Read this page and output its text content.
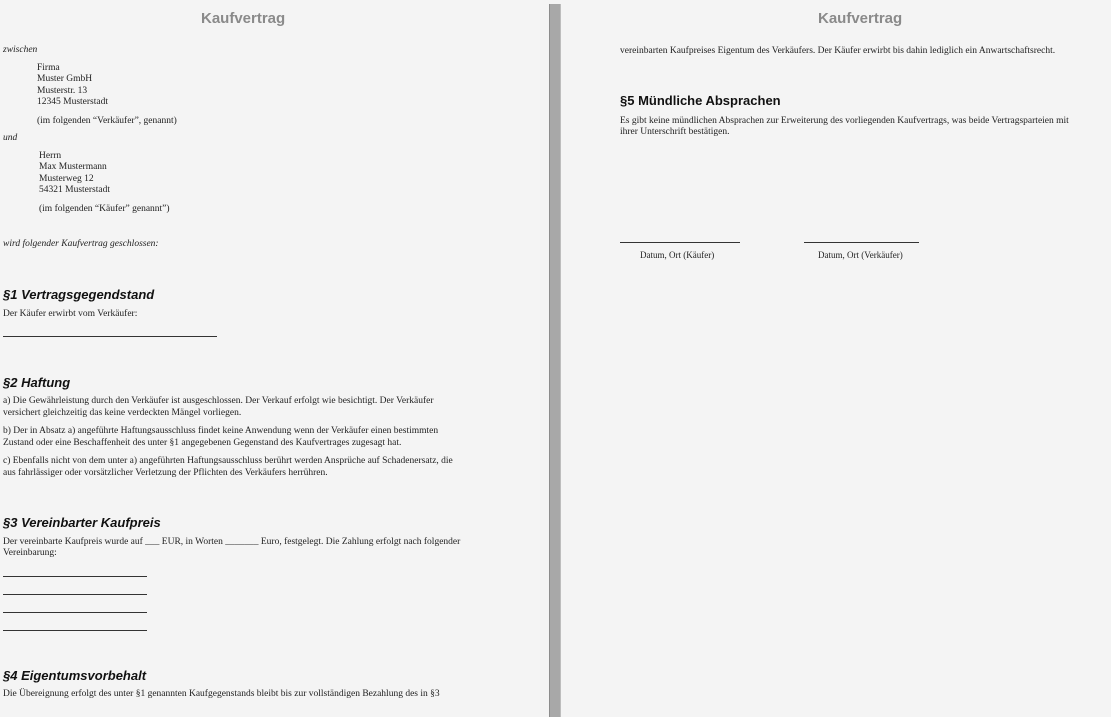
Kaufvertrag
zwischen
Firma
Muster GmbH
Musterstr. 13
12345 Musterstadt
(im folgenden “Verkäufer”, genannt)
und
Herrn
Max Mustermann
Musterweg 12
54321 Musterstadt
(im folgenden “Käufer” genannt”)
wird folgender Kaufvertrag geschlossen:
§1 Vertragsgegendstand
Der Käufer erwirbt vom Verkäufer:
§2 Haftung
a) Die Gewährleistung durch den Verkäufer ist ausgeschlossen. Der Verkauf erfolgt wie besichtigt. Der Verkäufer
versichert gleichzeitig das keine verdeckten Mängel vorliegen.
b) Der in Absatz a) angeführte Haftungsausschluss findet keine Anwendung wenn der Verkäufer einen bestimmten
Zustand oder eine Beschaffenheit des unter §1 angegebenen Gegenstand des Kaufvertrages zugesagt hat.
c) Ebenfalls nicht von dem unter a) angeführten Haftungsausschluss berührt werden Ansprüche auf Schadenersatz, die
aus fahrlässiger oder vorsätzlicher Verletzung der Pflichten des Verkäufers herrühren.
§3 Vereinbarter Kaufpreis
Der vereinbarte Kaufpreis wurde auf ___ EUR, in Worten _______ Euro, festgelegt. Die Zahlung erfolgt nach folgender
Vereinbarung:
§4 Eigentumsvorbehalt
Die Übereignung erfolgt des unter §1 genannten Kaufgegenstands bleibt bis zur vollständigen Bezahlung des in §3
Kaufvertrag
vereinbarten Kaufpreises Eigentum des Verkäufers. Der Käufer erwirbt bis dahin lediglich ein Anwartschaftsrecht.
§5 Mündliche Absprachen
Es gibt keine mündlichen Absprachen zur Erweiterung des vorliegenden Kaufvertrags, was beide Vertragsparteien mit
ihrer Unterschrift bestätigen.
Datum, Ort (Käufer)	Datum, Ort (Verkäufer)
